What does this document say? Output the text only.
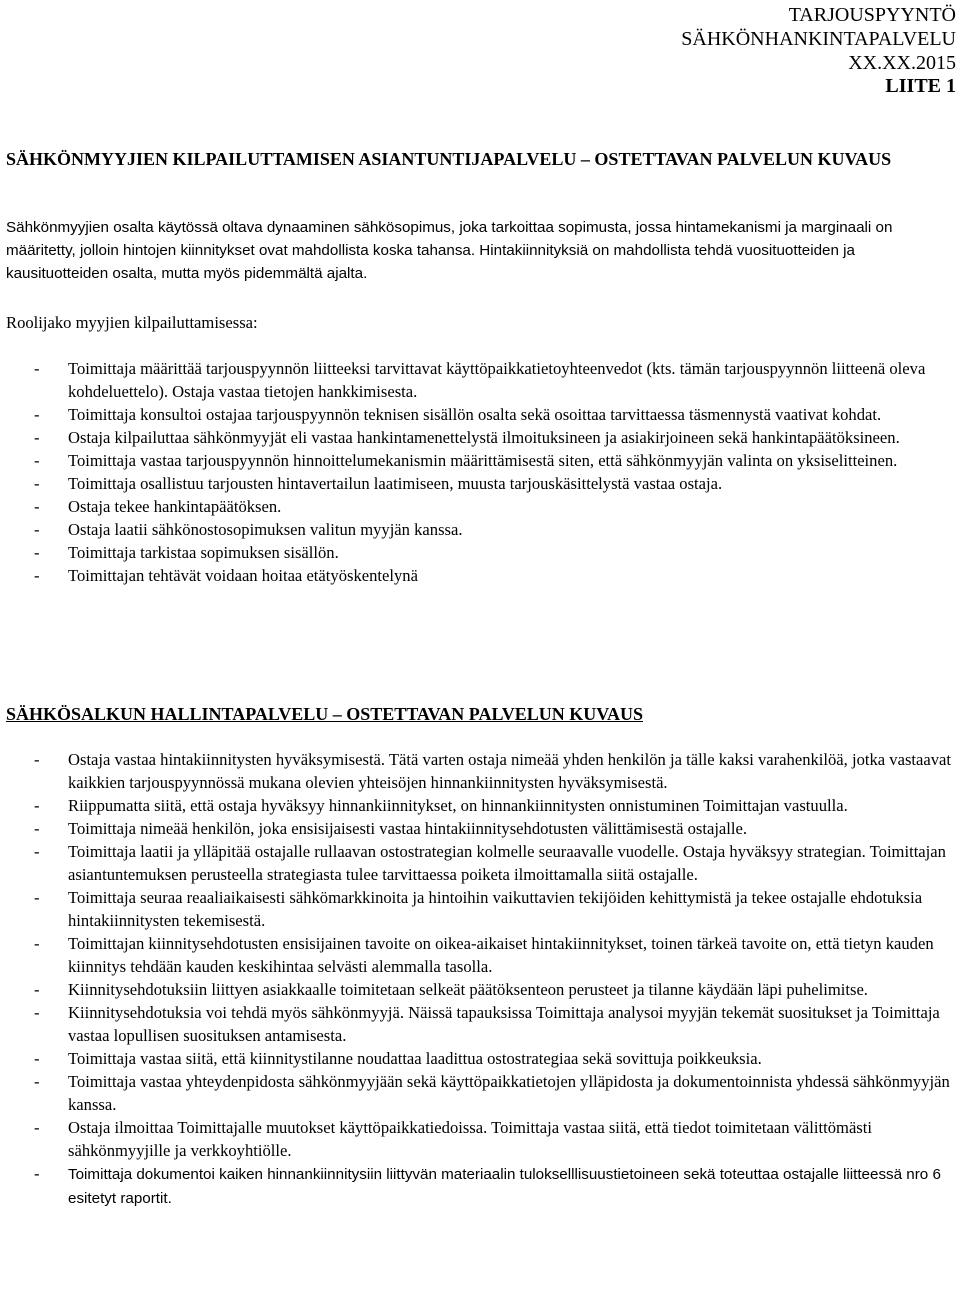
TARJOUSPYYNTÖ
SÄHKÖNHANKINTAPALVELU
XX.XX.2015
LIITE 1
SÄHKÖNMYYJIEN KILPAILUTTAMISEN ASIANTUNTIJAPALVELU – OSTETTAVAN PALVELUN KUVAUS

Sähkönmyyjien osalta käytössä oltava dynaaminen sähkösopimus, joka tarkoittaa sopimusta, jossa hintamekanismi ja marginaali on määritetty, jolloin hintojen kiinnitykset ovat mahdollista koska tahansa. Hintakiinnityksiä on mahdollista tehdä vuosituotteiden ja kausituotteiden osalta, mutta myös pidemmältä ajalta.

Roolijako myyjien kilpailuttamisessa:

- Toimittaja määrittää tarjouspyynnön liitteeksi tarvittavat käyttöpaikkatietoyhteenvedot (kts. tämän tarjouspyynnön liitteenä oleva kohdeluettelo). Ostaja vastaa tietojen hankkimisesta.
- Toimittaja konsultoi ostajaa tarjouspyynnön teknisen sisällön osalta sekä osoittaa tarvittaessa täsmennystä vaativat kohdat.
- Ostaja kilpailuttaa sähkönmyyjät eli vastaa hankintamenettelystä ilmoituksineen ja asiakirjoineen sekä hankintapäätöksineen.
- Toimittaja vastaa tarjouspyynnön hinnoittelumekanismin määrittämisestä siten, että sähkönmyyjän valinta on yksiselitteinen.
- Toimittaja osallistuu tarjousten hintavertailun laatimiseen, muusta tarjouskäsittelystä vastaa ostaja.
- Ostaja tekee hankintapäätöksen.
- Ostaja laatii sähkönostosopimuksen valitun myyjän kanssa.
- Toimittaja tarkistaa sopimuksen sisällön.
- Toimittajan tehtävät voidaan hoitaa etätyöskentelynä
SÄHKÖSALKUN HALLINTAPALVELU – OSTETTAVAN PALVELUN KUVAUS
- Ostaja vastaa hintakiinnitysten hyväksymisestä. Tätä varten ostaja nimeää yhden henkilön ja tälle kaksi varahenkilöä, jotka vastaavat kaikkien tarjouspyynnössä mukana olevien yhteisöjen hinnankiinnitysten hyväksymisestä.
- Riippumatta siitä, että ostaja hyväksyy hinnankiinnitykset, on hinnankiinnitysten onnistuminen Toimittajan vastuulla.
- Toimittaja nimeää henkilön, joka ensisijaisesti vastaa hintakiinnitysehdotusten välittämisestä ostajalle.
- Toimittaja laatii ja ylläpitää ostajalle rullaavan ostostrategian kolmelle seuraavalle vuodelle. Ostaja hyväksyy strategian. Toimittajan asiantuntemuksen perusteella strategiasta tulee tarvittaessa poiketa ilmoittamalla siitä ostajalle.
- Toimittaja seuraa reaaliaikaisesti sähkömarkkinoita ja hintoihin vaikuttavien tekijöiden kehittymistä ja tekee ostajalle ehdotuksia hintakiinnitysten tekemisestä.
- Toimittajan kiinnitysehdotusten ensisijainen tavoite on oikea-aikaiset hintakiinnitykset, toinen tärkeä tavoite on, että tietyn kauden kiinnitys tehdään kauden keskihintaa selvästi alemmalla tasolla.
- Kiinnitysehdotuksiin liittyen asiakkaalle toimitetaan selkeät päätöksenteon perusteet ja tilanne käydään läpi puhelimitse.
- Kiinnitysehdotuksia voi tehdä myös sähkönmyyjä. Näissä tapauksissa Toimittaja analysoi myyjän tekemät suositukset ja Toimittaja vastaa lopullisen suosituksen antamisesta.
- Toimittaja vastaa siitä, että kiinnitystilanne noudattaa laadittua ostostrategiaa sekä sovittuja poikkeuksia.
- Toimittaja vastaa yhteydenpidosta sähkönmyyjään sekä käyttöpaikkatietojen ylläpidosta ja dokumentoinnista yhdessä sähkönmyyjän kanssa.
- Ostaja ilmoittaa Toimittajalle muutokset käyttöpaikkatiedoissa. Toimittaja vastaa siitä, että tiedot toimitetaan välittömästi sähkönmyyjille ja verkkoyhtiölle.
- Toimittaja dokumentoi kaiken hinnankiinnitysiin liittyvän materiaalin tulokselllisuustietoineen sekä toteuttaa ostajalle liitteessä nro 6 esitetyt raportit.
